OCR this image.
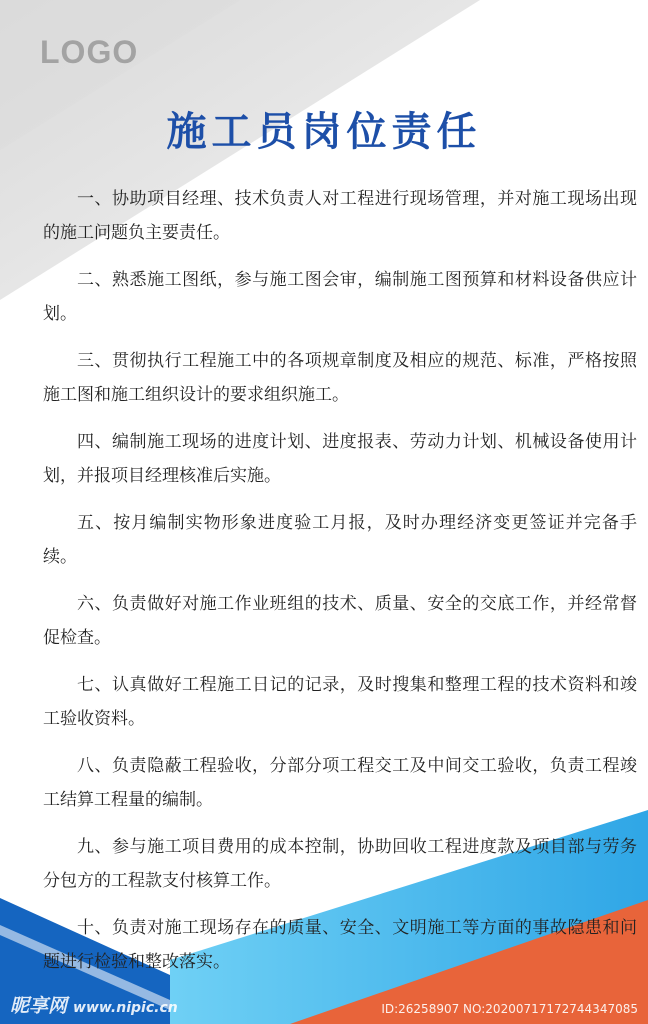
LOGO
施工员岗位责任

一、协助项目经理、技术负责人对工程进行现场管理，并对施工现场出现的施工问题负主要责任。

二、熟悉施工图纸，参与施工图会审，编制施工图预算和材料设备供应计划。

三、贯彻执行工程施工中的各项规章制度及相应的规范、标准，严格按照施工图和施工组织设计的要求组织施工。

四、编制施工现场的进度计划、进度报表、劳动力计划、机械设备使用计划，并报项目经理核准后实施。

五、按月编制实物形象进度验工月报，及时办理经济变更签证并完备手续。

六、负责做好对施工作业班组的技术、质量、安全的交底工作，并经常督促检查。

七、认真做好工程施工日记的记录，及时搜集和整理工程的技术资料和竣工验收资料。

八、负责隐蔽工程验收，分部分项工程交工及中间交工验收，负责工程竣工结算工程量的编制。

九、参与施工项目费用的成本控制，协助回收工程进度款及项目部与劳务分包方的工程款支付核算工作。

十、负责对施工现场存在的质量、安全、文明施工等方面的事故隐患和问题进行检验和整改落实。

昵享网 www.nipic.cn	ID:26258907 NO:20200717172744347085
